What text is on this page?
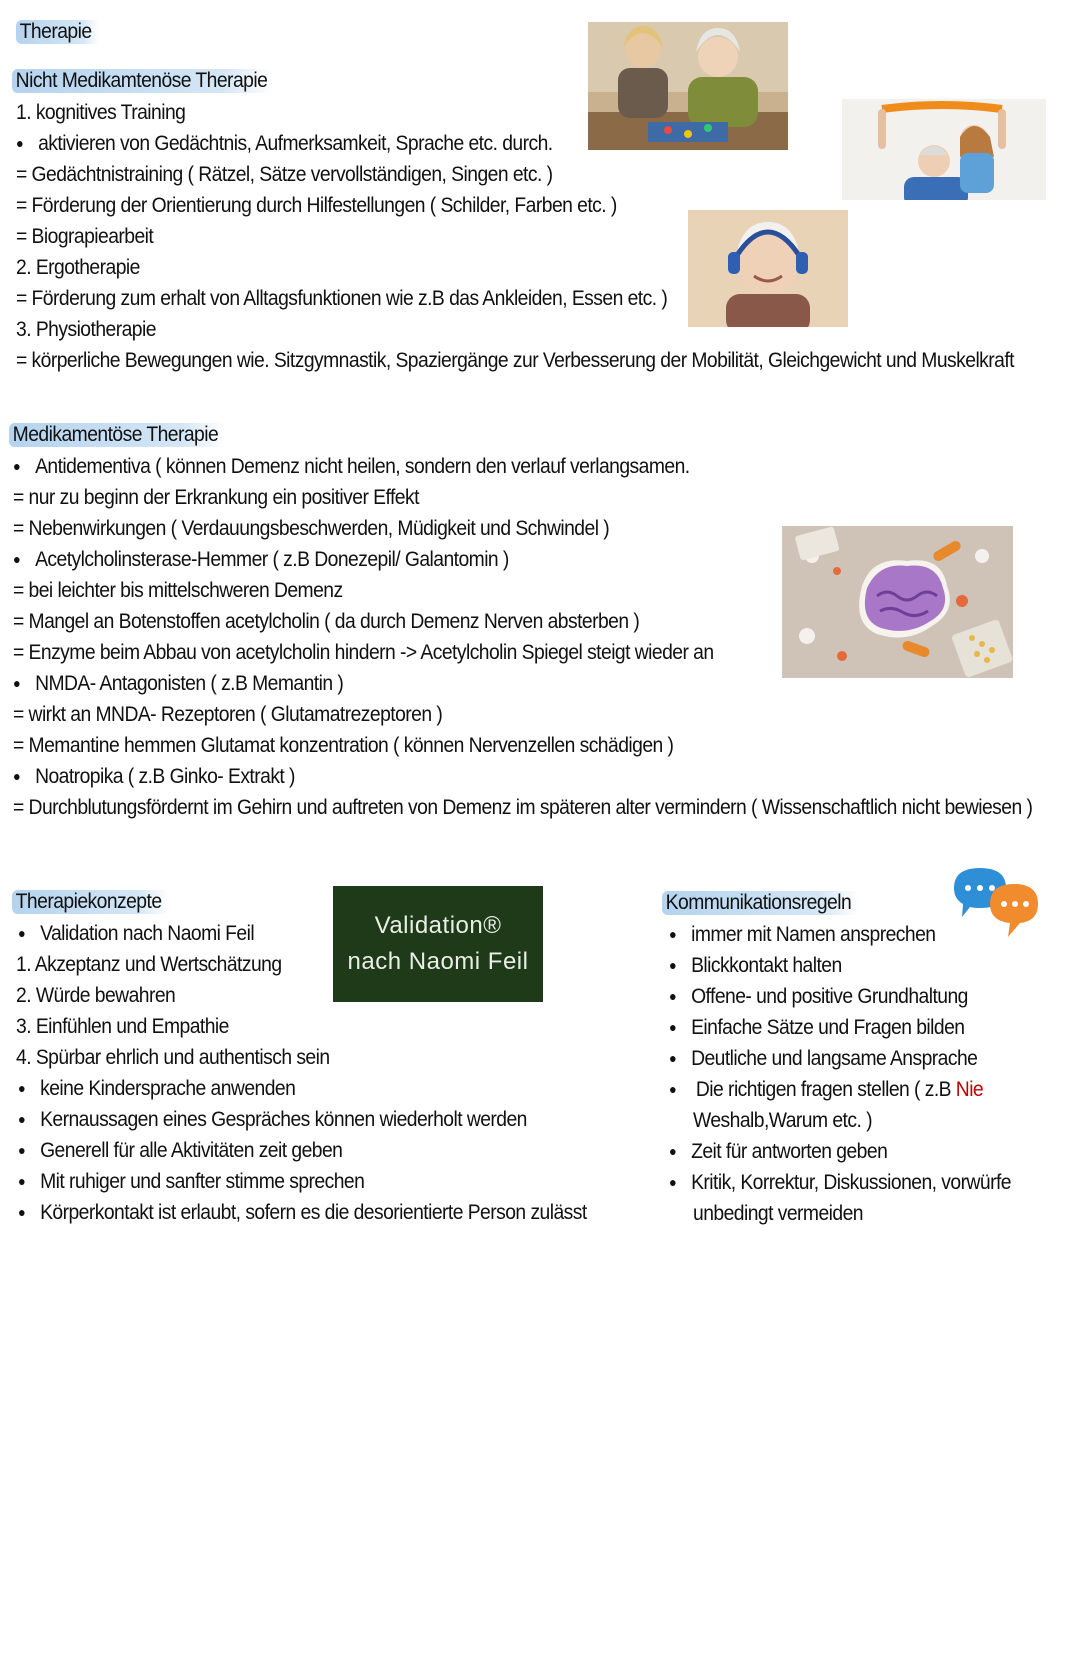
Therapie
Nicht Medikamtenöse Therapie
1. kognitives Training
● aktivieren von Gedächtnis, Aufmerksamkeit, Sprache etc. durch.
= Gedächtnistraining ( Rätzel, Sätze vervollständigen, Singen etc. )
= Förderung der Orientierung durch Hilfestellungen ( Schilder, Farben etc. )
= Biograpiearbeit
2. Ergotherapie
= Förderung zum erhalt von Alltagsfunktionen wie z.B das Ankleiden, Essen etc. )
3. Physiotherapie
= körperliche Bewegungen wie. Sitzgymnastik, Spaziergänge zur Verbesserung der Mobilität, Gleichgewicht und Muskelkraft
Medikamentöse Therapie
● Antidementiva ( können Demenz nicht heilen, sondern den verlauf verlangsamen.
= nur zu beginn der Erkrankung ein positiver Effekt
= Nebenwirkungen ( Verdauungsbeschwerden, Müdigkeit und Schwindel )
● Acetylcholinsterase-Hemmer ( z.B Donezepil/ Galantomin )
= bei leichter bis mittelschweren Demenz
= Mangel an Botenstoffen acetylcholin ( da durch Demenz Nerven absterben )
= Enzyme beim Abbau von acetylcholin hindern -> Acetylcholin Spiegel steigt wieder an
● NMDA- Antagonisten ( z.B Memantin )
= wirkt an MNDA- Rezeptoren ( Glutamatrezeptoren )
= Memantine hemmen Glutamat konzentration ( können Nervenzellen schädigen )
● Noatropika ( z.B Ginko- Extrakt )
= Durchblutungsfördernt im Gehirn und auftreten von Demenz im späteren alter vermindern ( Wissenschaftlich nicht bewiesen )
Therapiekonzepte
● Validation nach Naomi Feil
1. Akzeptanz und Wertschätzung
2. Würde bewahren
3. Einfühlen und Empathie
4. Spürbar ehrlich und authentisch sein
● keine Kindersprache anwenden
● Kernaussagen eines Gespräches können wiederholt werden
● Generell für alle Aktivitäten zeit geben
● Mit ruhiger und sanfter stimme sprechen
● Körperkontakt ist erlaubt, sofern es die desorientierte Person zulässt
Validation®
nach Naomi Feil
Kommunikationsregeln
● immer mit Namen ansprechen
● Blickkontakt halten
● Offene- und positive Grundhaltung
● Einfache Sätze und Fragen bilden
● Deutliche und langsame Ansprache
● Die richtigen fragen stellen ( z.B Nie
Weshalb,Warum etc. )
● Zeit für antworten geben
● Kritik, Korrektur, Diskussionen, vorwürfe
unbedingt vermeiden
